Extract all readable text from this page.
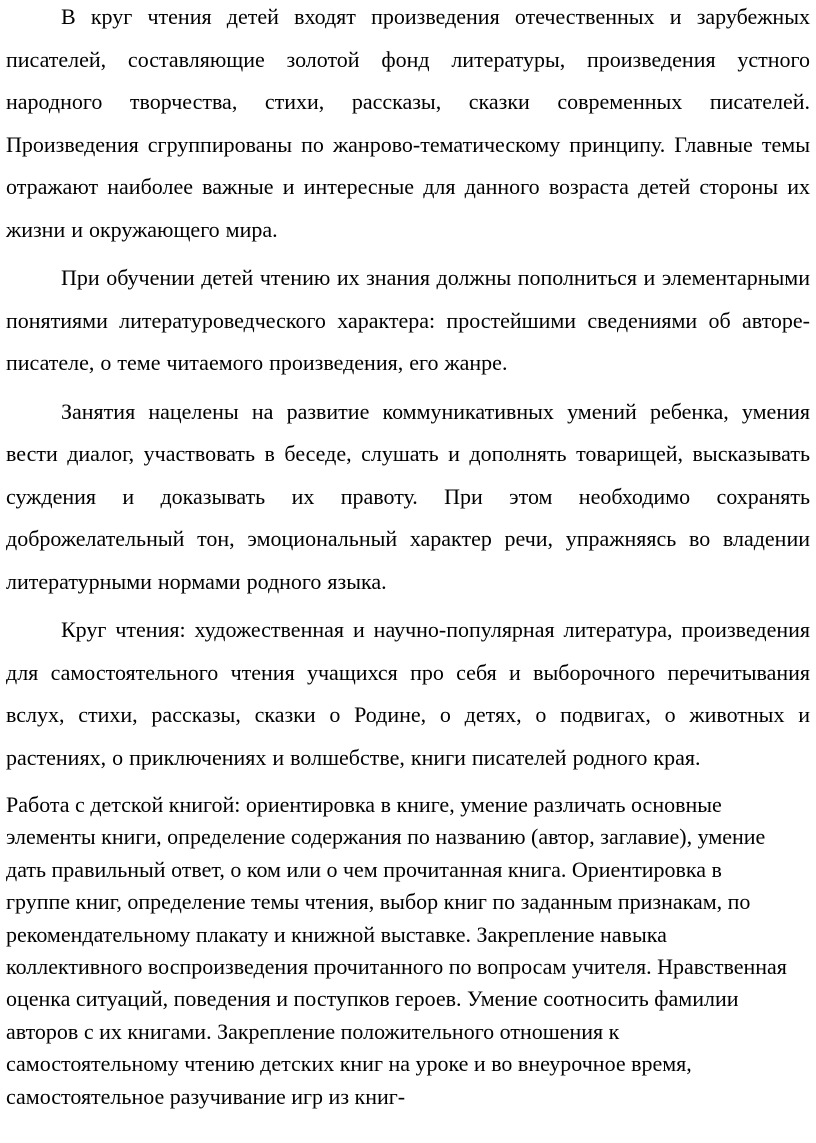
В круг чтения детей входят произведения отечественных и зарубежных писателей, составляющие золотой фонд литературы, произведения устного народного творчества, стихи, рассказы, сказки современных писателей. Произведения сгруппированы по жанрово-тематическому принципу. Главные темы отражают наиболее важные и интересные для данного возраста детей стороны их жизни и окружающего мира.

При обучении детей чтению их знания должны пополниться и элементарными понятиями литературоведческого характера: простейшими сведениями об авторе-писателе, о теме читаемого произведения, его жанре.

Занятия нацелены на развитие коммуникативных умений ребенка, умения вести диалог, участвовать в беседе, слушать и дополнять товарищей, высказывать суждения и доказывать их правоту. При этом необходимо сохранять доброжелательный тон, эмоциональный характер речи, упражняясь во владении литературными нормами родного языка.

Круг чтения: художественная и научно-популярная литература, произведения для самостоятельного чтения учащихся про себя и выборочного перечитывания вслух, стихи, рассказы, сказки о Родине, о детях, о подвигах, о животных и растениях, о приключениях и волшебстве, книги писателей родного края.

Работа с детской книгой: ориентировка в книге, умение различать основные элементы книги, определение содержания по названию (автор, заглавие), умение дать правильный ответ, о ком или о чем прочитанная книга. Ориентировка в группе книг, определение темы чтения, выбор книг по заданным признакам, по рекомендательному плакату и книжной выставке. Закрепление навыка коллективного воспроизведения прочитанного по вопросам учителя. Нравственная оценка ситуаций, поведения и поступков героев. Умение соотносить фамилии авторов с их книгами. Закрепление положительного отношения к самостоятельному чтению детских книг на уроке и во внеурочное время, самостоятельное разучивание игр из книг-
